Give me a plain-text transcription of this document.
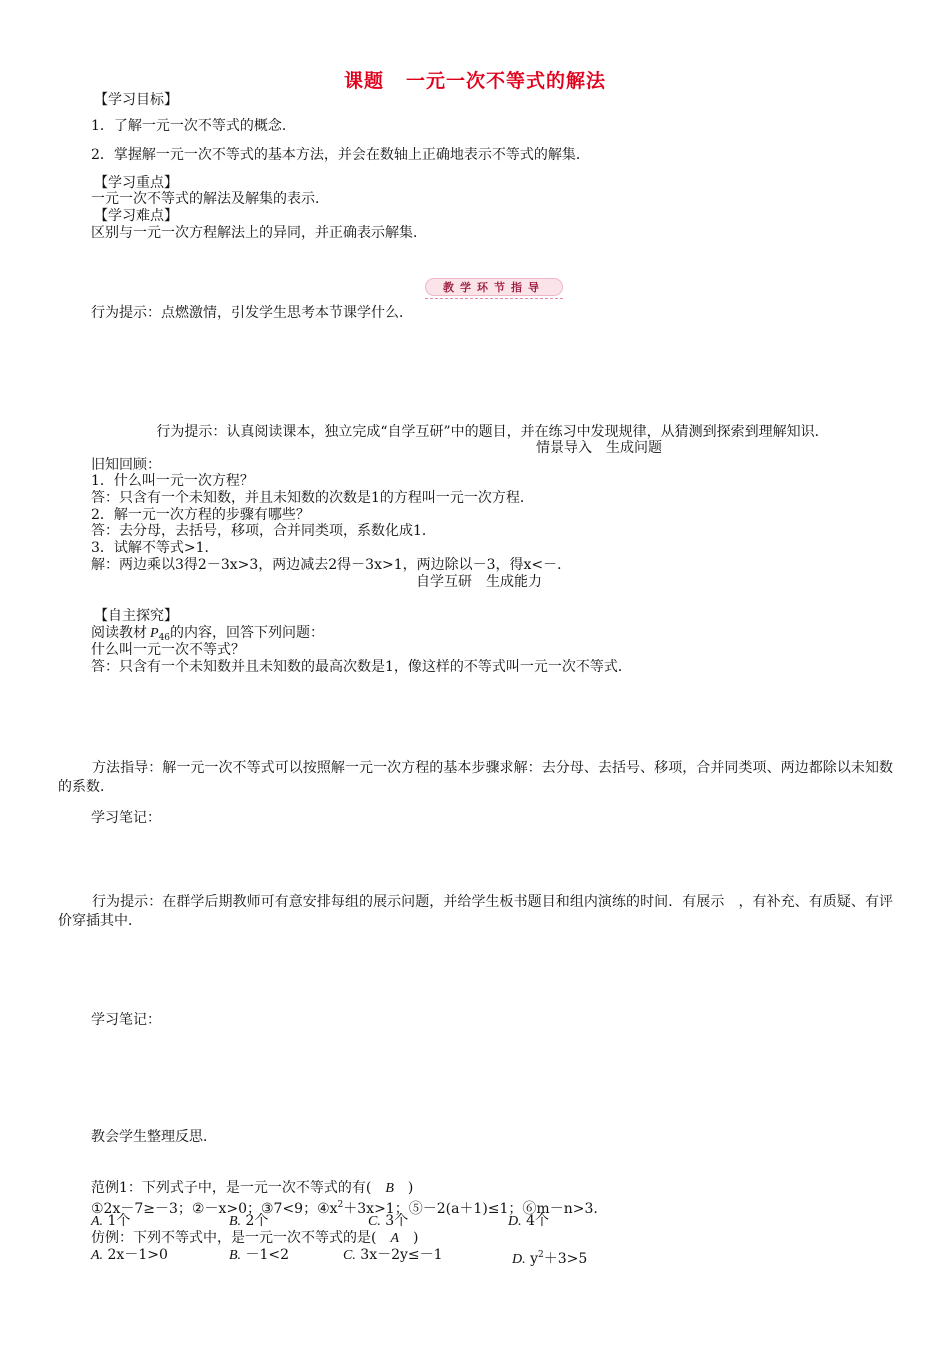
课题 一元一次不等式的解法
【学习目标】
1．了解一元一次不等式的概念．
2．掌握解一元一次不等式的基本方法，并会在数轴上正确地表示不等式的解集．
【学习重点】
一元一次不等式的解法及解集的表示．
【学习难点】
区别与一元一次方程解法上的异同，并正确表示解集．
教学环节指导
行为提示：点燃激情，引发学生思考本节课学什么．
行为提示：认真阅读课本，独立完成“自学互研”中的题目，并在练习中发现规律，从猜测到探索到理解知识．
情景导入　生成问题
旧知回顾：
1．什么叫一元一次方程？
答：只含有一个未知数，并且未知数的次数是1的方程叫一元一次方程．
2．解一元一次方程的步骤有哪些？
答：去分母，去括号，移项，合并同类项，系数化成1．
3．试解不等式>1．
解：两边乘以3得2－3x>3，两边减去2得－3x>1，两边除以－3，得x<－．
自学互研　生成能力
【自主探究】
阅读教材 $P_{46}$的内容，回答下列问题：
什么叫一元一次不等式？
答：只含有一个未知数并且未知数的最高次数是1，像这样的不等式叫一元一次不等式．
方法指导：解一元一次不等式可以按照解一元一次方程的基本步骤求解：去分母、去括号、移项，合并同类项、两边都除以未知数的系数．
学习笔记：
行为提示：在群学后期教师可有意安排每组的展示问题，并给学生板书题目和组内演练的时间．有展示　，有补充、有质疑、有评价穿插其中．
学习笔记：
教会学生整理反思．
范例1：下列式子中，是一元一次不等式的有(　B　)
①2x－7≥－3；②－x>0；③7<9；$④x^2+3x>1$；⑤－2(a＋1)≤1；⑥m－n>3.
A. 1个	B. 2个	C. 3个	D. 4个
仿例：下列不等式中，是一元一次不等式的是(　A　)
A. 2x－1>0	B. －1<2	C. 3x－2y≤－1	D. $y^2+3>5$
